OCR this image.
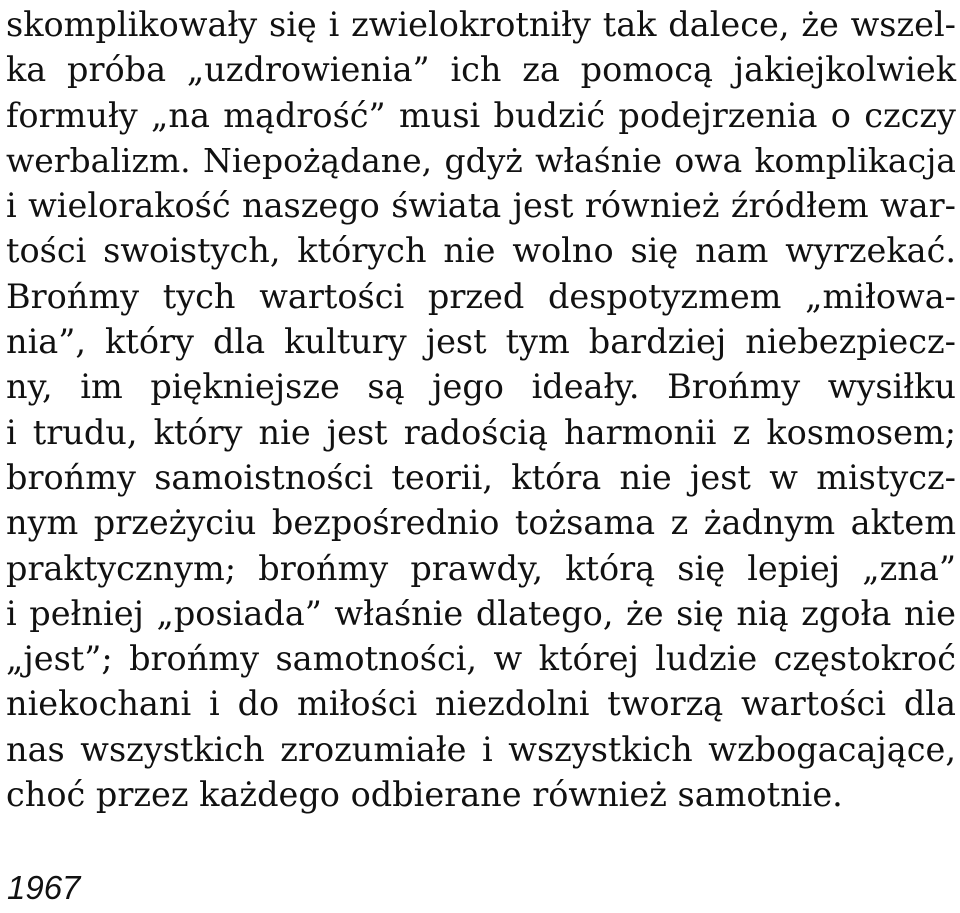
skomplikowały się i zwielokrotniły tak dalece, że wszel-
ka próba „uzdrowienia” ich za pomocą jakiejkolwiek
formuły „na mądrość” musi budzić podejrzenia o czczy
werbalizm. Niepożądane, gdyż właśnie owa komplikacja
i wielorakość naszego świata jest również źródłem war-
tości swoistych, których nie wolno się nam wyrzekać.
Brońmy tych wartości przed despotyzmem „miłowa-
nia”, który dla kultury jest tym bardziej niebezpiecz-
ny, im piękniejsze są jego ideały. Brońmy wysiłku
i trudu, który nie jest radością harmonii z kosmosem;
brońmy samoistności teorii, która nie jest w mistycz-
nym przeżyciu bezpośrednio tożsama z żadnym aktem
praktycznym; brońmy prawdy, którą się lepiej „zna”
i pełniej „posiada” właśnie dlatego, że się nią zgoła nie
„jest”; brońmy samotności, w której ludzie częstokroć
niekochani i do miłości niezdolni tworzą wartości dla
nas wszystkich zrozumiałe i wszystkich wzbogacające,
choć przez każdego odbierane również samotnie.
1967
